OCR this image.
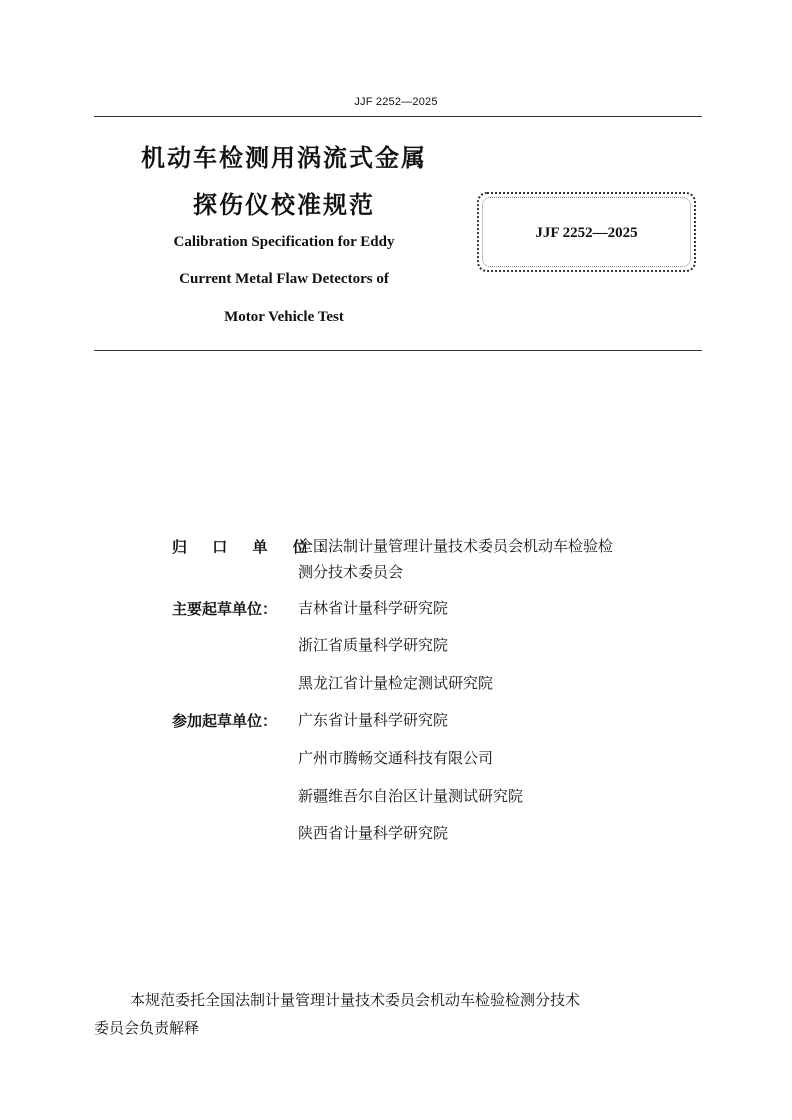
JJF 2252—2025
机动车检测用涡流式金属
探伤仪校准规范
Calibration Specification for Eddy
Current Metal Flaw Detectors of
Motor Vehicle Test
JJF 2252—2025
归 口 单 位：
全国法制计量管理计量技术委员会机动车检验检
测分技术委员会
主要起草单位：	吉林省计量科学研究院
浙江省质量科学研究院
黑龙江省计量检定测试研究院
参加起草单位：	广东省计量科学研究院
广州市腾畅交通科技有限公司
新疆维吾尔自治区计量测试研究院
陕西省计量科学研究院
本规范委托全国法制计量管理计量技术委员会机动车检验检测分技术
委员会负责解释
